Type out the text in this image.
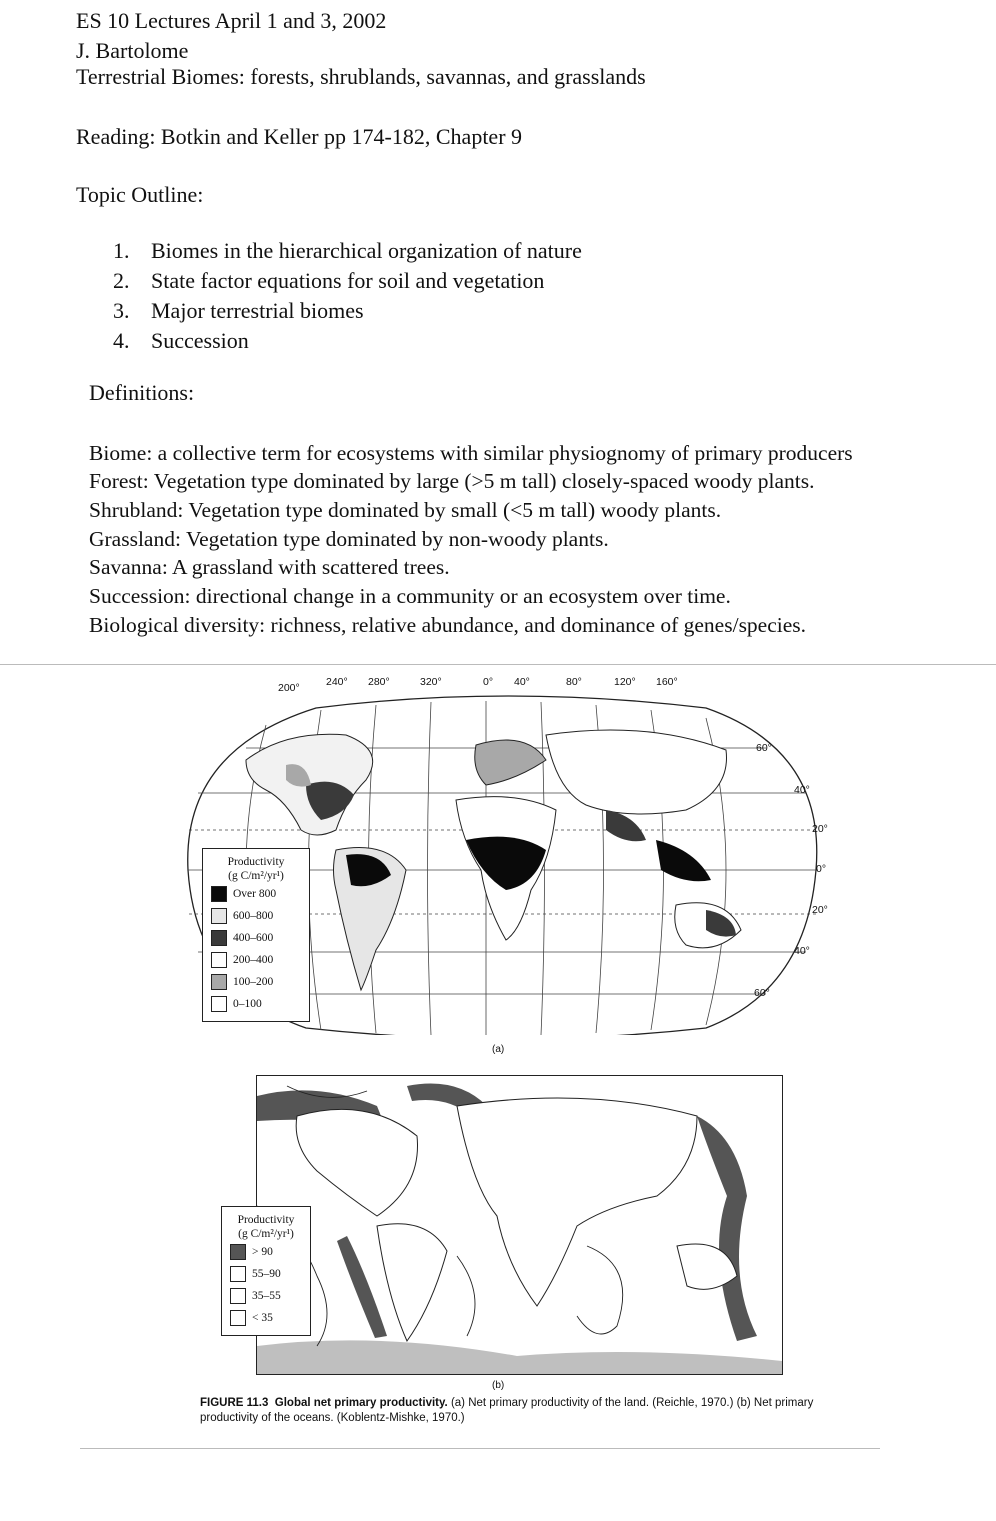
ES 10 Lectures April 1 and 3, 2002
J. Bartolome
Terrestrial Biomes: forests, shrublands, savannas, and grasslands
Reading: Botkin and Keller pp 174-182, Chapter 9
Topic Outline:
1. Biomes in the hierarchical organization of nature
2. State factor equations for soil and vegetation
3. Major terrestrial biomes
4. Succession
Definitions:
Biome: a collective term for ecosystems with similar physiognomy of primary producers
Forest: Vegetation type dominated by large (>5 m tall) closely-spaced woody plants.
Shrubland: Vegetation type dominated by small (<5 m tall) woody plants.
Grassland: Vegetation type dominated by non-woody plants.
Savanna: A grassland with scattered trees.
Succession: directional change in a community or an ecosystem over time.
Biological diversity: richness, relative abundance, and dominance of genes/species.
200°	240° 280°	320°	0° 40°	80°	120° 160°
60°
40°
20°
0°
20°
40°
60°
Productivity
(g C/m²/yr¹)
Over 800
600–800
400–600
200–400
100–200
0–100
(a)
Productivity
(g C/m²/yr¹)
> 90
55–90
35–55
< 35
(b)
FIGURE 11.3 Global net primary productivity. (a) Net primary productivity of the land. (Reichle, 1970.) (b) Net primary productivity of the oceans. (Koblentz-Mishke, 1970.)
